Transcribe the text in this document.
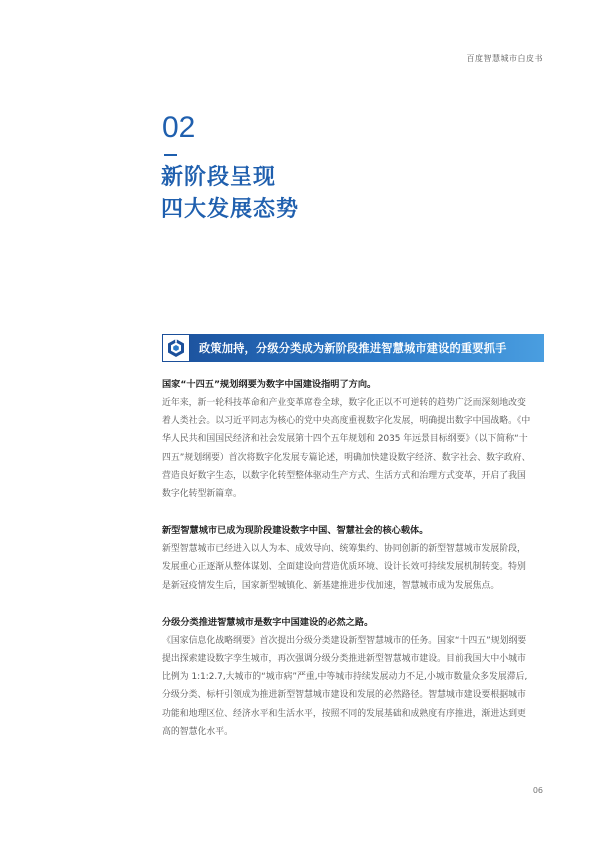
百度智慧城市白皮书
02
新阶段呈现
四大发展态势
政策加持，分级分类成为新阶段推进智慧城市建设的重要抓手

国家“十四五”规划纲要为数字中国建设指明了方向。

近年来，新一轮科技革命和产业变革席卷全球，数字化正以不可逆转的趋势广泛而深刻地改变
着人类社会。以习近平同志为核心的党中央高度重视数字化发展，明确提出数字中国战略。《中
华人民共和国国民经济和社会发展第十四个五年规划和 2035 年远景目标纲要》（以下简称“十
四五”规划纲要）首次将数字化发展专篇论述，明确加快建设数字经济、数字社会、数字政府、
营造良好数字生态，以数字化转型整体驱动生产方式、生活方式和治理方式变革，开启了我国
数字化转型新篇章。

新型智慧城市已成为现阶段建设数字中国、智慧社会的核心载体。

新型智慧城市已经进入以人为本、成效导向、统筹集约、协同创新的新型智慧城市发展阶段，
发展重心正逐渐从整体谋划、全面建设向营造优质环境、设计长效可持续发展机制转变。特别
是新冠疫情发生后，国家新型城镇化、新基建推进步伐加速，智慧城市成为发展焦点。

分级分类推进智慧城市是数字中国建设的必然之路。

《国家信息化战略纲要》首次提出分级分类建设新型智慧城市的任务。国家“十四五”规划纲要
提出探索建设数字孪生城市，再次强调分级分类推进新型智慧城市建设。目前我国大中小城市
比例为 1:1:2.7,大城市的“城市病”严重,中等城市持续发展动力不足,小城市数量众多发展滞后,
分级分类、标杆引领成为推进新型智慧城市建设和发展的必然路径。智慧城市建设要根据城市
功能和地理区位、经济水平和生活水平，按照不同的发展基础和成熟度有序推进，渐进达到更
高的智慧化水平。

06
